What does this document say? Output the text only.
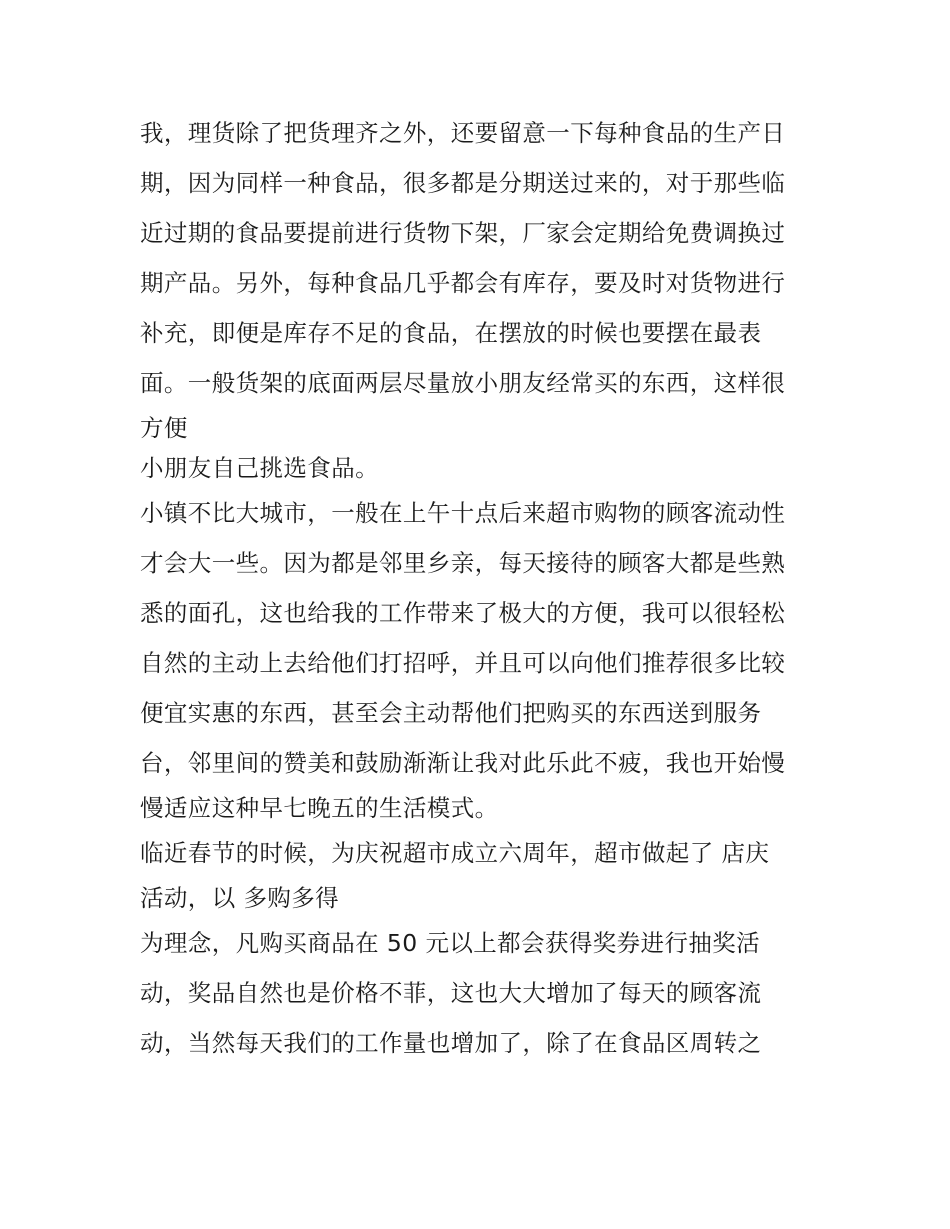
我，理货除了把货理齐之外，还要留意一下每种食品的生产日
期，因为同样一种食品，很多都是分期送过来的，对于那些临
近过期的食品要提前进行货物下架，厂家会定期给免费调换过
期产品。另外，每种食品几乎都会有库存，要及时对货物进行
补充，即便是库存不足的食品，在摆放的时候也要摆在最表
面。一般货架的底面两层尽量放小朋友经常买的东西，这样很
方便
小朋友自己挑选食品。
小镇不比大城市，一般在上午十点后来超市购物的顾客流动性
才会大一些。因为都是邻里乡亲，每天接待的顾客大都是些熟
悉的面孔，这也给我的工作带来了极大的方便，我可以很轻松
自然的主动上去给他们打招呼，并且可以向他们推荐很多比较
便宜实惠的东西，甚至会主动帮他们把购买的东西送到服务
台，邻里间的赞美和鼓励渐渐让我对此乐此不疲，我也开始慢
慢适应这种早七晚五的生活模式。
临近春节的时候，为庆祝超市成立六周年，超市做起了 店庆
活动，以 多购多得
为理念，凡购买商品在 50 元以上都会获得奖券进行抽奖活
动，奖品自然也是价格不菲，这也大大增加了每天的顾客流
动，当然每天我们的工作量也增加了，除了在食品区周转之
